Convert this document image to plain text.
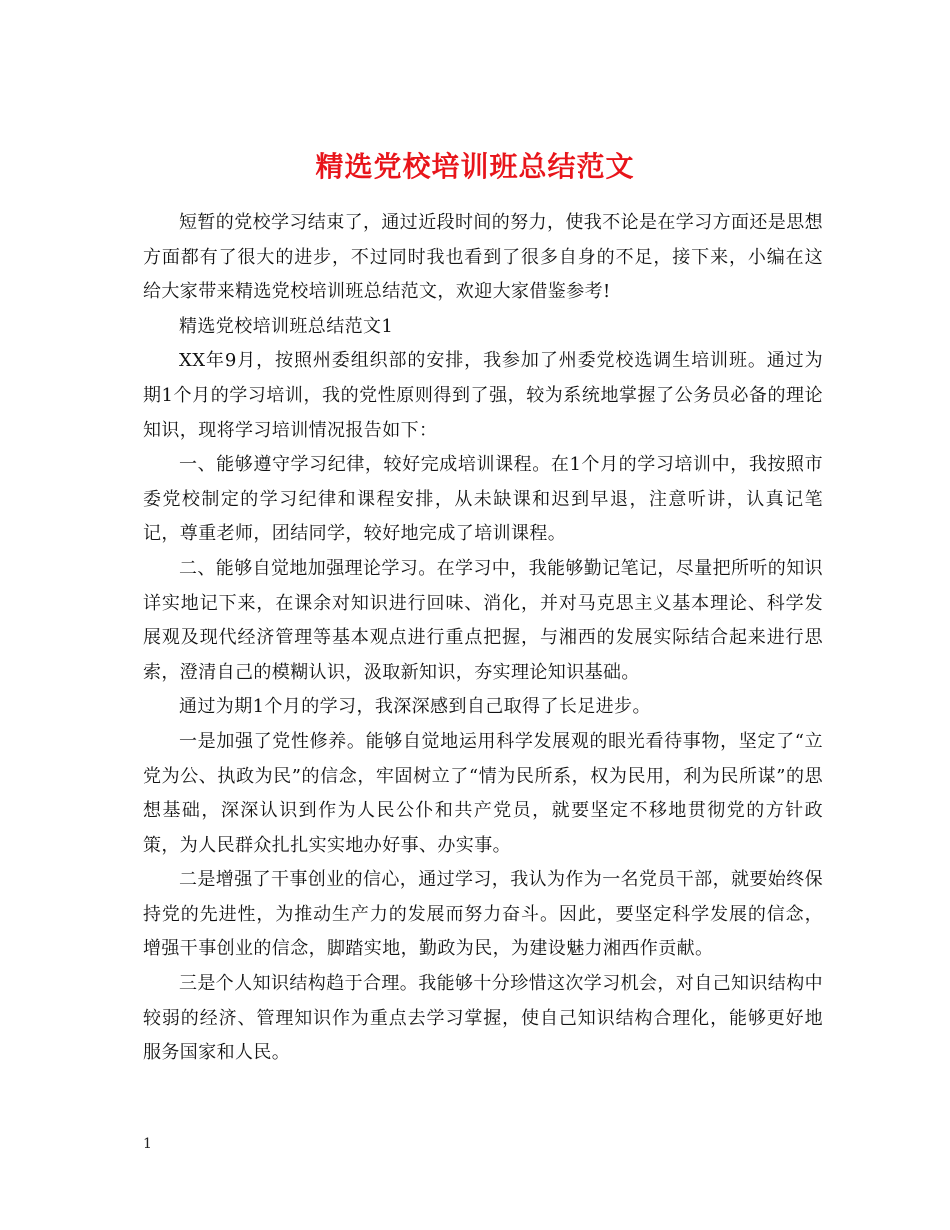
精选党校培训班总结范文

短暂的党校学习结束了，通过近段时间的努力，使我不论是在学习方面还是思想方面都有了很大的进步，不过同时我也看到了很多自身的不足，接下来，小编在这给大家带来精选党校培训班总结范文，欢迎大家借鉴参考!

精选党校培训班总结范文1

XX年9月，按照州委组织部的安排，我参加了州委党校选调生培训班。通过为期1个月的学习培训，我的党性原则得到了强，较为系统地掌握了公务员必备的理论知识，现将学习培训情况报告如下：

一、能够遵守学习纪律，较好完成培训课程。在1个月的学习培训中，我按照市委党校制定的学习纪律和课程安排，从未缺课和迟到早退，注意听讲，认真记笔记，尊重老师，团结同学，较好地完成了培训课程。

二、能够自觉地加强理论学习。在学习中，我能够勤记笔记，尽量把所听的知识详实地记下来，在课余对知识进行回味、消化，并对马克思主义基本理论、科学发展观及现代经济管理等基本观点进行重点把握，与湘西的发展实际结合起来进行思索，澄清自己的模糊认识，汲取新知识，夯实理论知识基础。

通过为期1个月的学习，我深深感到自己取得了长足进步。

一是加强了党性修养。能够自觉地运用科学发展观的眼光看待事物，坚定了“立党为公、执政为民”的信念，牢固树立了“情为民所系，权为民用，利为民所谋”的思想基础，深深认识到作为人民公仆和共产党员，就要坚定不移地贯彻党的方针政策，为人民群众扎扎实实地办好事、办实事。

二是增强了干事创业的信心，通过学习，我认为作为一名党员干部，就要始终保持党的先进性，为推动生产力的发展而努力奋斗。因此，要坚定科学发展的信念，增强干事创业的信念，脚踏实地，勤政为民，为建设魅力湘西作贡献。

三是个人知识结构趋于合理。我能够十分珍惜这次学习机会，对自己知识结构中较弱的经济、管理知识作为重点去学习掌握，使自己知识结构合理化，能够更好地服务国家和人民。

1
